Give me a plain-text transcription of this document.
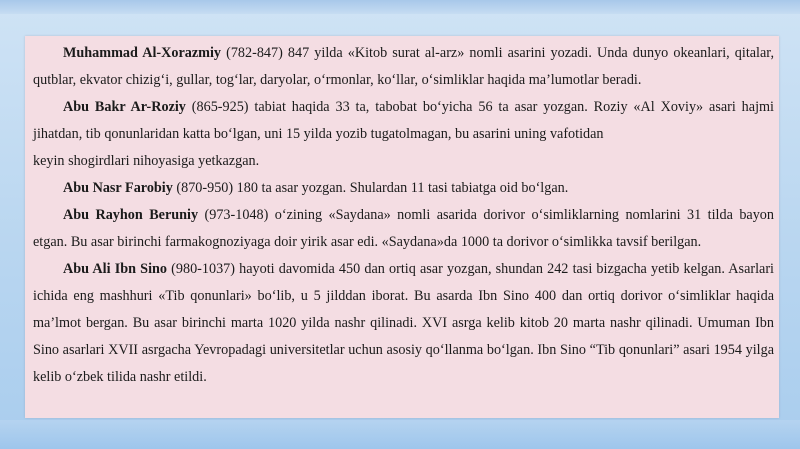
Muhammad Al-Xorazmiy (782-847) 847 yilda «Kitob surat al-arz» nomli asarini yozadi. Unda dunyo okeanlari, qitalar, qutblar, ekvator chizig‘i, gullar, tog‘lar, daryolar, o‘rmonlar, ko‘llar, o‘simliklar haqida ma’lumotlar beradi.

Abu Bakr Ar-Roziy (865-925) tabiat haqida 33 ta, tabobat bo‘yicha 56 ta asar yozgan. Roziy «Al Xoviy» asari hajmi jihatdan, tib qonunlaridan katta bo‘lgan, uni 15 yilda yozib tugatolmagan, bu asarini uning vafotidan

keyin shogirdlari nihoyasiga yetkazgan.

Abu Nasr Farobiy (870-950) 180 ta asar yozgan. Shulardan 11 tasi tabiatga oid bo‘lgan.

Abu Rayhon Beruniy (973-1048) o‘zining «Saydana» nomli asarida dorivor o‘simliklarning nomlarini 31 tilda bayon etgan. Bu asar birinchi farmakognoziyaga doir yirik asar edi. «Saydana»da 1000 ta dorivor o‘simlikka tavsif berilgan.

Abu Ali Ibn Sino (980-1037) hayoti davomida 450 dan ortiq asar yozgan, shundan 242 tasi bizgacha yetib kelgan. Asarlari ichida eng mashhuri «Tib qonunlari» bo‘lib, u 5 jilddan iborat. Bu asarda Ibn Sino 400 dan ortiq dorivor o‘simliklar haqida ma’lmot bergan. Bu asar birinchi marta 1020 yilda nashr qilinadi. XVI asrga kelib kitob 20 marta nashr qilinadi. Umuman Ibn Sino asarlari XVII asrgacha Yevropadagi universitetlar uchun asosiy qo‘llanma bo‘lgan. Ibn Sino “Tib qonunlari” asari 1954 yilga kelib o‘zbek tilida nashr etildi.
